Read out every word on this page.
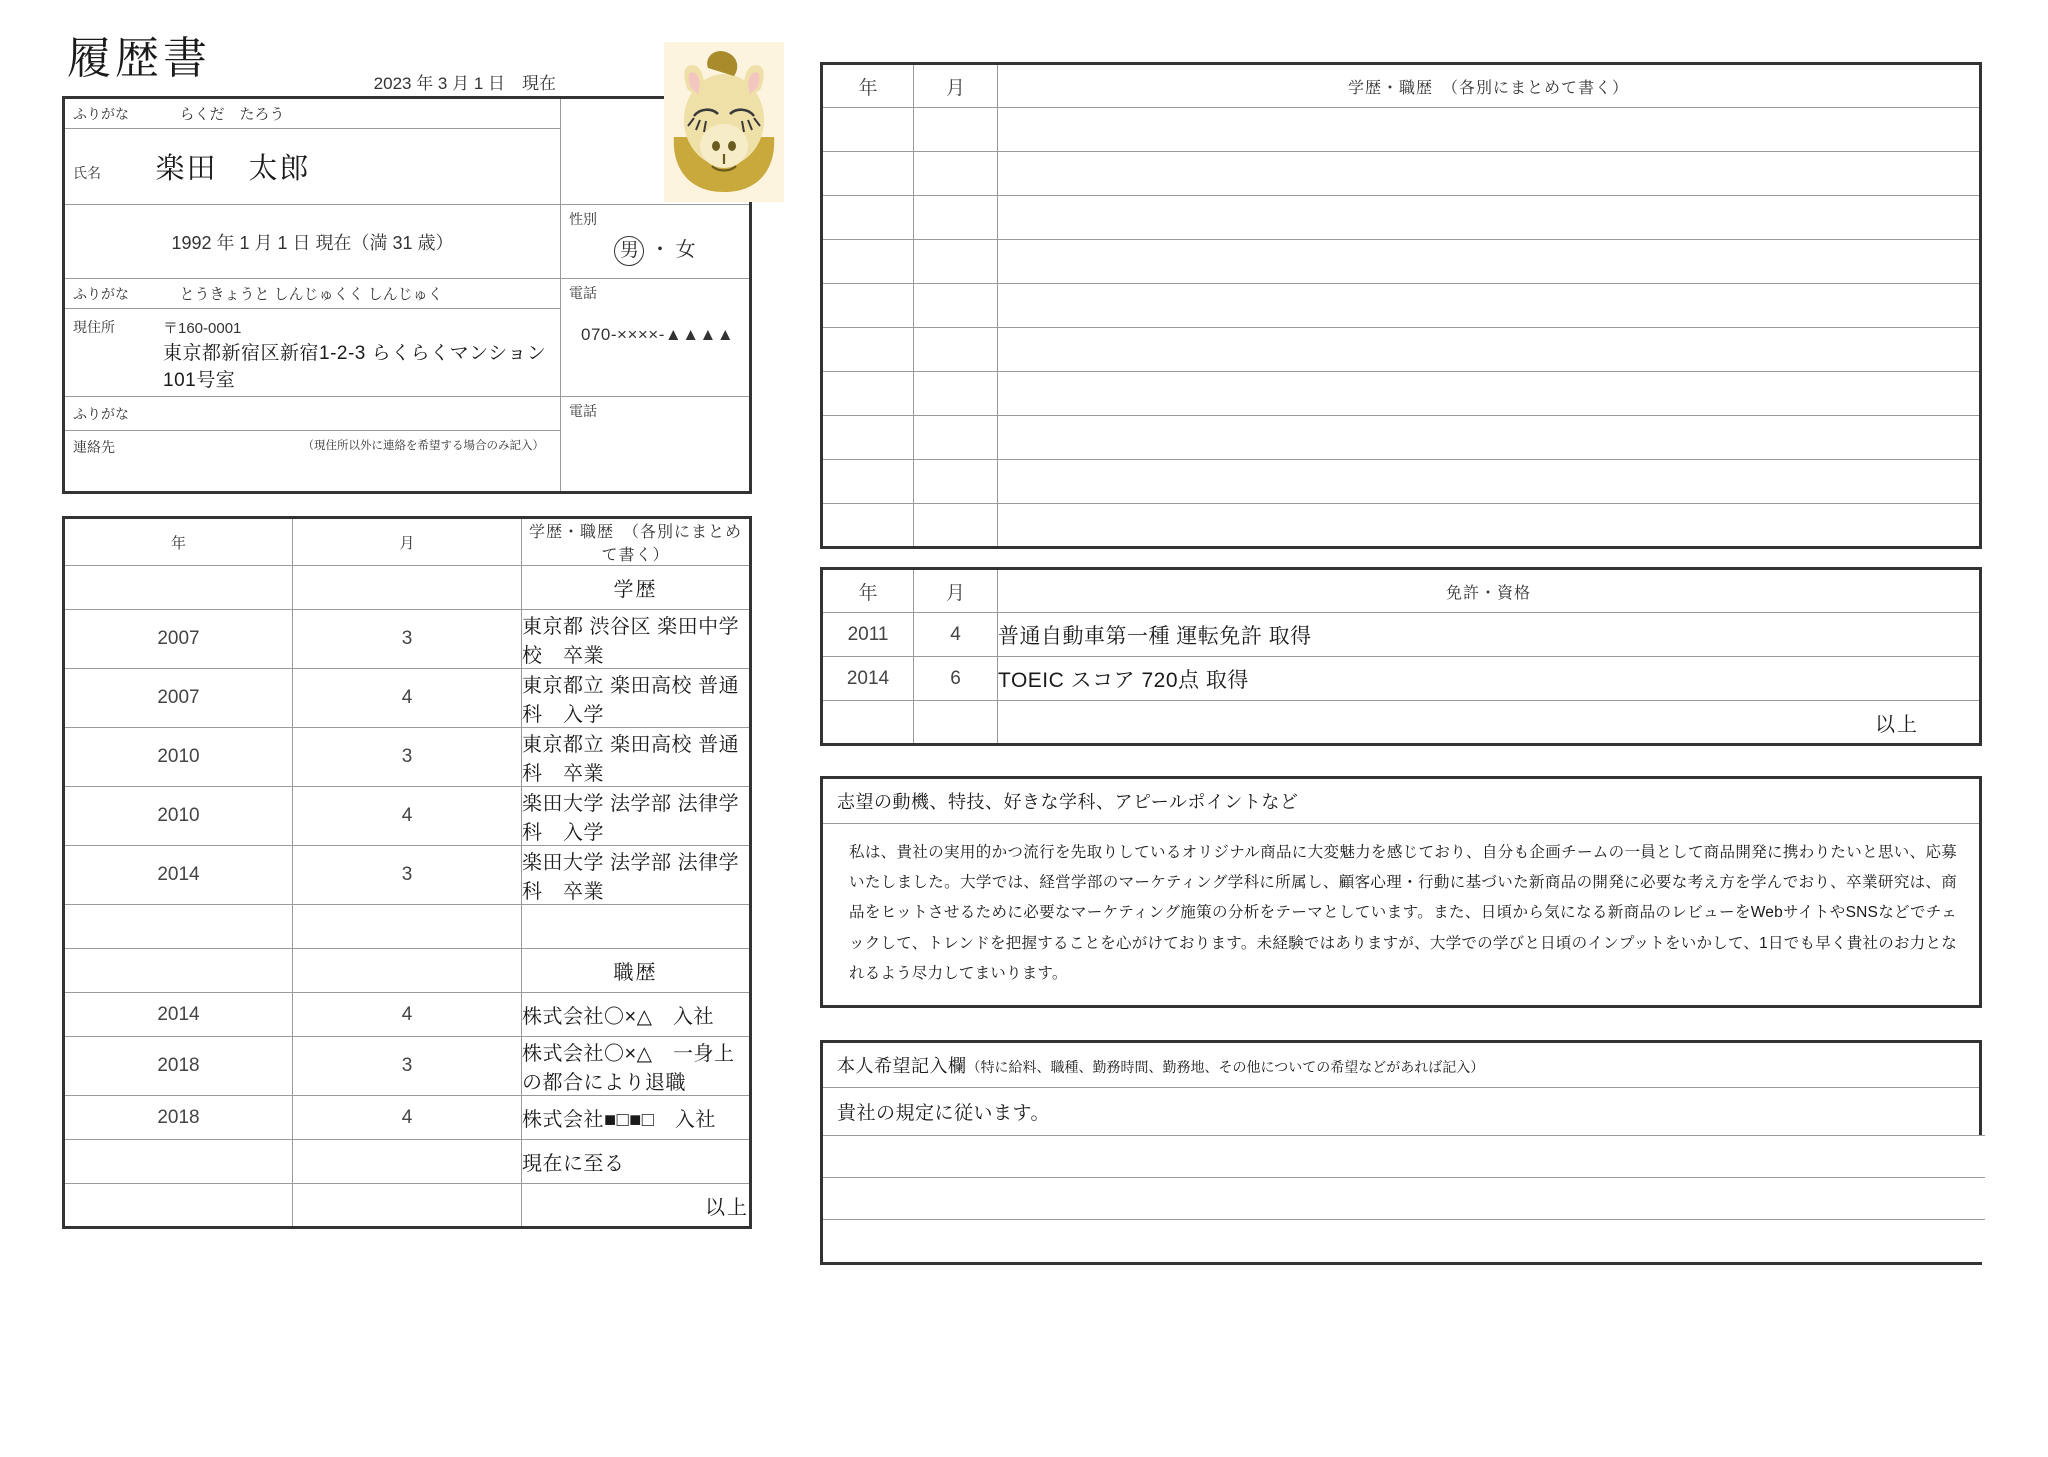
履歴書	2023 年 3 月 1 日　現在
ふりがな らくだ　たろう	
氏名 楽田　太郎	

1992 年 1 月 1 日 現在（満 31 歳）	性別
男 ・ 女

ふりがな とうきょうと しんじゅくく しんじゅく	電話
070-××××-▲▲▲▲

現住所 〒160-0001
東京都新宿区新宿1-2-3 らくらくマンション101号室	

ふりがな	電話

連絡先 （現住所以外に連絡を希望する場合のみ記入）	
年	月	学歴・職歴　（各別にまとめて書く）
		学歴
2007	3	東京都 渋谷区 楽田中学校　卒業
2007	4	東京都立 楽田高校 普通科　入学
2010	3	東京都立 楽田高校 普通科　卒業
2010	4	楽田大学 法学部 法律学科　入学
2014	3	楽田大学 法学部 法律学科　卒業

		職歴
2014	4	株式会社〇×△　入社
2018	3	株式会社〇×△　一身上の都合により退職
2018	4	株式会社■□■□　入社
		現在に至る
		以上
年	月	学歴・職歴　（各別にまとめて書く）

年	月	免許・資格
2011	4	普通自動車第一種 運転免許 取得
2014	6	TOEIC スコア 720点 取得
		以上
志望の動機、特技、好きな学科、アピールポイントなど
私は、貴社の実用的かつ流行を先取りしているオリジナル商品に大変魅力を感じており、自分も企画チームの一員として商品開発に携わりたいと思い、応募いたしました。大学では、経営学部のマーケティング学科に所属し、顧客心理・行動に基づいた新商品の開発に必要な考え方を学んでおり、卒業研究は、商品をヒットさせるために必要なマーケティング施策の分析をテーマとしています。また、日頃から気になる新商品のレビューをWebサイトやSNSなどでチェックして、トレンドを把握することを心がけております。未経験ではありますが、大学での学びと日頃のインプットをいかして、1日でも早く貴社のお力となれるよう尽力してまいります。
本人希望記入欄（特に給料、職種、勤務時間、勤務地、その他についての希望などがあれば記入）
貴社の規定に従います。
